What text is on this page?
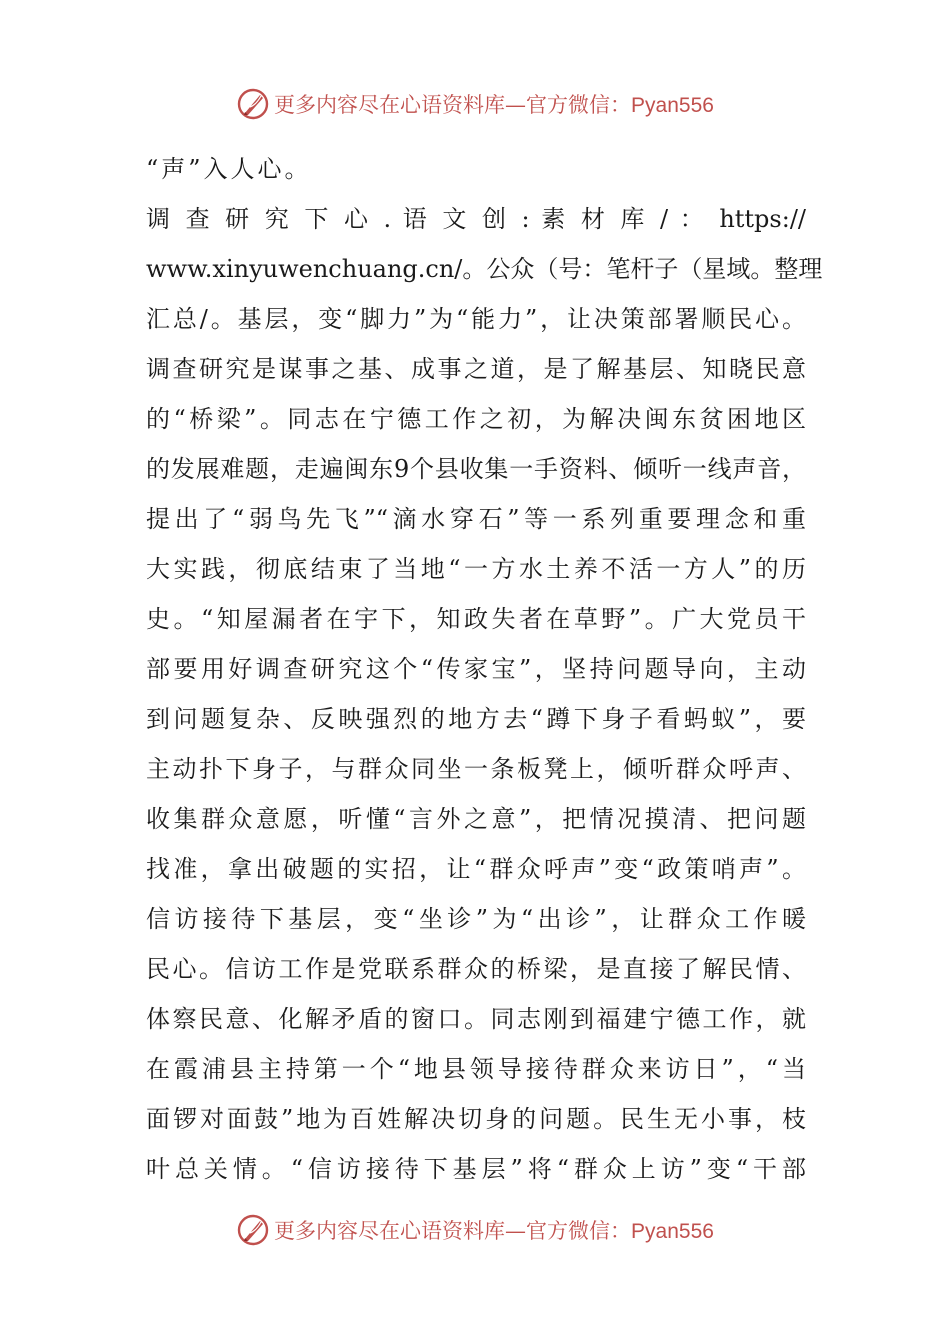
更多内容尽在心语资料库—官方微信：Pyan556
“声”入人心。
调 查 研 究 下 心 . 语 文 创 : 素 材 库 / ： https://
www.xinyuwenchuang.cn/。公众（号：笔杆子（星域。整理
汇总/。基层，变“脚力”为“能力”，让决策部署顺民心。
调查研究是谋事之基、成事之道，是了解基层、知晓民意
的“桥梁”。同志在宁德工作之初，为解决闽东贫困地区
的发展难题，走遍闽东9个县收集一手资料、倾听一线声音，
提出了“弱鸟先飞”“滴水穿石”等一系列重要理念和重
大实践，彻底结束了当地“一方水土养不活一方人”的历
史。“知屋漏者在宇下，知政失者在草野”。广大党员干
部要用好调查研究这个“传家宝”，坚持问题导向，主动
到问题复杂、反映强烈的地方去“蹲下身子看蚂蚁”，要
主动扑下身子，与群众同坐一条板凳上，倾听群众呼声、
收集群众意愿，听懂“言外之意”，把情况摸清、把问题
找准，拿出破题的实招，让“群众呼声”变“政策哨声”。
信访接待下基层，变“坐诊”为“出诊”，让群众工作暖
民心。信访工作是党联系群众的桥梁，是直接了解民情、
体察民意、化解矛盾的窗口。同志刚到福建宁德工作，就
在霞浦县主持第一个“地县领导接待群众来访日”，“当
面锣对面鼓”地为百姓解决切身的问题。民生无小事，枝
叶总关情。“信访接待下基层”将“群众上访”变“干部
更多内容尽在心语资料库—官方微信：Pyan556
